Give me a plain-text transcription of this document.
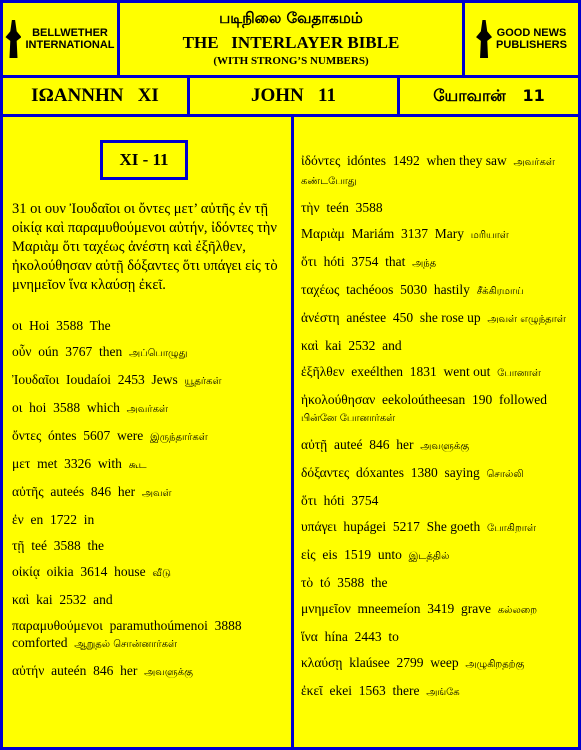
BELLWETHER
INTERNATIONAL
படிநிலை வேதாகமம்
THE   INTERLAYER BIBLE
(WITH STRONG’S NUMBERS)
GOOD NEWS
PUBLISHERS
ΙΩΑΝΝΗΝ   XI	JOHN   11	யோவான்   11
XI - 11
31 οι ουν Ἰουδαῖοι οι ὄντες μετ’ αὐτῆς ἐν τῇ οἰκίᾳ καὶ παραμυθούμενοι αὐτήν, ἰδόντες τὴν Μαριὰμ ὅτι ταχέως ἀνέστη καὶ ἐξῆλθεν, ἠκολούθησαν αὐτῇ δόξαντες ὅτι υπάγει εἰς τὸ μνημεῖον ἵνα κλαύσῃ ἐκεῖ.
οι  Hoi  3588  The
οὖν  oún  3767  then  அப்பொழுது
Ἰουδαῖοι  Ioudaíoi  2453  Jews  யூதர்கள்
οι  hoi  3588  which  அவர்கள்
ὄντες  óntes  5607  were  இருந்தார்கள்
μετ  met  3326  with  கூட
αὐτῆς  auteés  846  her  அவள்
ἐν  en  1722  in
τῇ  teé  3588  the
οἰκίᾳ  oikia  3614  house  வீடு
καὶ  kai  2532  and
παραμυθούμενοι  paramuthoúmenoi  3888  comforted  ஆறுதல் சொன்னார்கள்
αὐτήν  auteén  846  her  அவளுக்கு
ἰδόντες  idóntes  1492  when they saw  அவர்கள் கண்டபோது
τὴν  teén  3588
Μαριὰμ  Mariám  3137  Mary  மரியாள்
ὅτι  hóti  3754  that  அந்த
ταχέως  tachéoos  5030  hastily  சீக்கிரமாய்
ἀνέστη  anéstee  450  she rose up  அவள் எழுந்தாள்
καὶ  kai  2532  and
ἐξῆλθεν  exeélthen  1831  went out  போனாள்
ἠκολούθησαν  eekoloútheesan  190  followed  பின்னே போனார்கள்
αὐτῇ  auteé  846  her  அவளுக்கு
δόξαντες  dóxantes  1380  saying  சொல்லி
ὅτι  hóti  3754
υπάγει  hupágei  5217  She goeth  போகிறாள்
εἰς  eis  1519  unto  இடத்தில்
τὸ  tó  3588  the
μνημεῖον  mneemeíon  3419  grave  கல்லறை
ἵνα  hína  2443  to
κλαύσῃ  klaúsee  2799  weep  அழுகிறதற்கு
ἐκεῖ  ekei  1563  there  அங்கே
